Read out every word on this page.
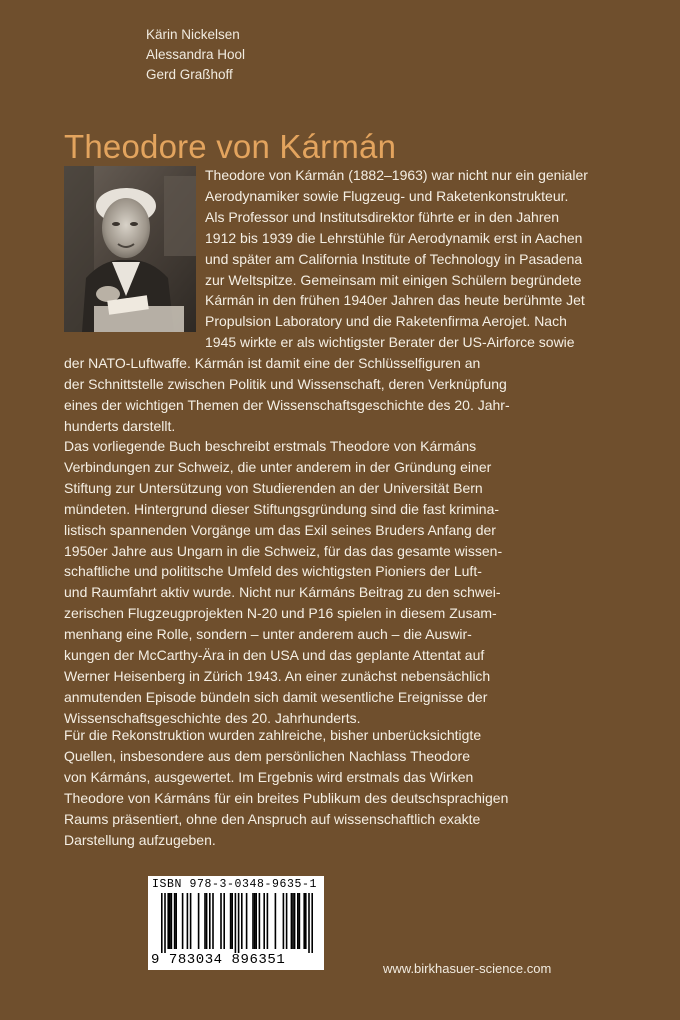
Kärin Nickelsen
Alessandra Hool
Gerd Graßhoff
Theodore von Kármán

Theodore von Kármán (1882–1963) war nicht nur ein genialer
Aerodynamiker sowie Flugzeug- und Raketenkonstrukteur.
Als Professor und Institutsdirektor führte er in den Jahren
1912 bis 1939 die Lehrstühle für Aerodynamik erst in Aachen
und später am California Institute of Technology in Pasadena
zur Weltspitze. Gemeinsam mit einigen Schülern begründete
Kármán in den frühen 1940er Jahren das heute berühmte Jet
Propulsion Laboratory und die Raketenfirma Aerojet. Nach
1945 wirkte er als wichtigster Berater der US-Airforce sowie

der NATO-Luftwaffe. Kármán ist damit eine der Schlüsselfiguren an
der Schnittstelle zwischen Politik und Wissenschaft, deren Verknüpfung
eines der wichtigen Themen der Wissenschaftsgeschichte des 20. Jahr-
hunderts darstellt.

Das vorliegende Buch beschreibt erstmals Theodore von Kármáns
Verbindungen zur Schweiz, die unter anderem in der Gründung einer
Stiftung zur Untersützung von Studierenden an der Universität Bern
mündeten. Hintergrund dieser Stiftungsgründung sind die fast krimina-
listisch spannenden Vorgänge um das Exil seines Bruders Anfang der
1950er Jahre aus Ungarn in die Schweiz, für das das gesamte wissen-
schaftliche und polititsche Umfeld des wichtigsten Pioniers der Luft-
und Raumfahrt aktiv wurde. Nicht nur Kármáns Beitrag zu den schwei-
zerischen Flugzeugprojekten N-20 und P16 spielen in diesem Zusam-
menhang eine Rolle, sondern – unter anderem auch – die Auswir-
kungen der McCarthy-Ära in den USA und das geplante Attentat auf
Werner Heisenberg in Zürich 1943. An einer zunächst nebensächlich
anmutenden Episode bündeln sich damit wesentliche Ereignisse der
Wissenschaftsgeschichte des 20. Jahrhunderts.

Für die Rekonstruktion wurden zahlreiche, bisher unberücksichtigte
Quellen, insbesondere aus dem persönlichen Nachlass Theodore
von Kármáns, ausgewertet. Im Ergebnis wird erstmals das Wirken
Theodore von Kármáns für ein breites Publikum des deutschsprachigen
Raums präsentiert, ohne den Anspruch auf wissenschaftlich exakte
Darstellung aufzugeben.

ISBN 978-3-0348-9635-1
9 783034 896351
www.birkhasuer-science.com
